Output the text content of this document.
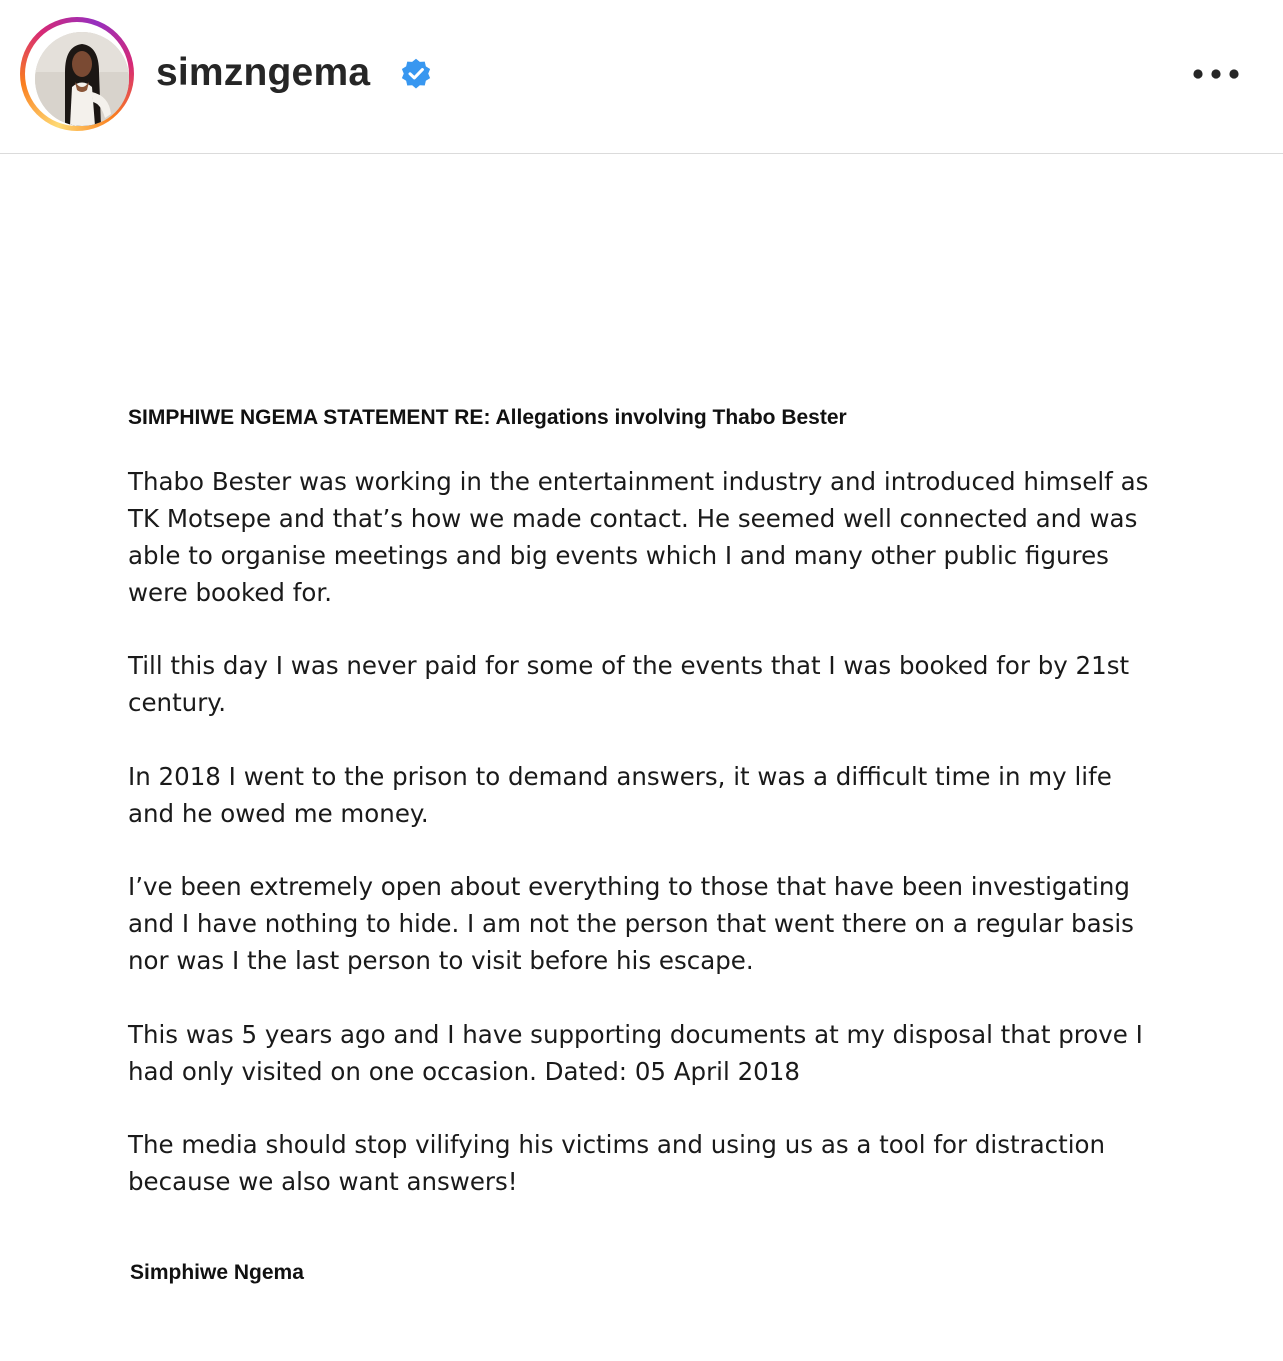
simzngema
SIMPHIWE NGEMA STATEMENT RE: Allegations involving Thabo Bester

Thabo Bester was working in the entertainment industry and introduced himself as TK Motsepe and that’s how we made contact. He seemed well connected and was able to organise meetings and big events which I and many other public figures were booked for.

Till this day I was never paid for some of the events that I was booked for by 21st century.

In 2018 I went to the prison to demand answers, it was a difficult time in my life and he owed me money.

I’ve been extremely open about everything to those that have been investigating and I have nothing to hide. I am not the person that went there on a regular basis nor was I the last person to visit before his escape.

This was 5 years ago and I have supporting documents at my disposal that prove I had only visited on one occasion. Dated: 05 April 2018

The media should stop vilifying his victims and using us as a tool for distraction because we also want answers!

Simphiwe Ngema
